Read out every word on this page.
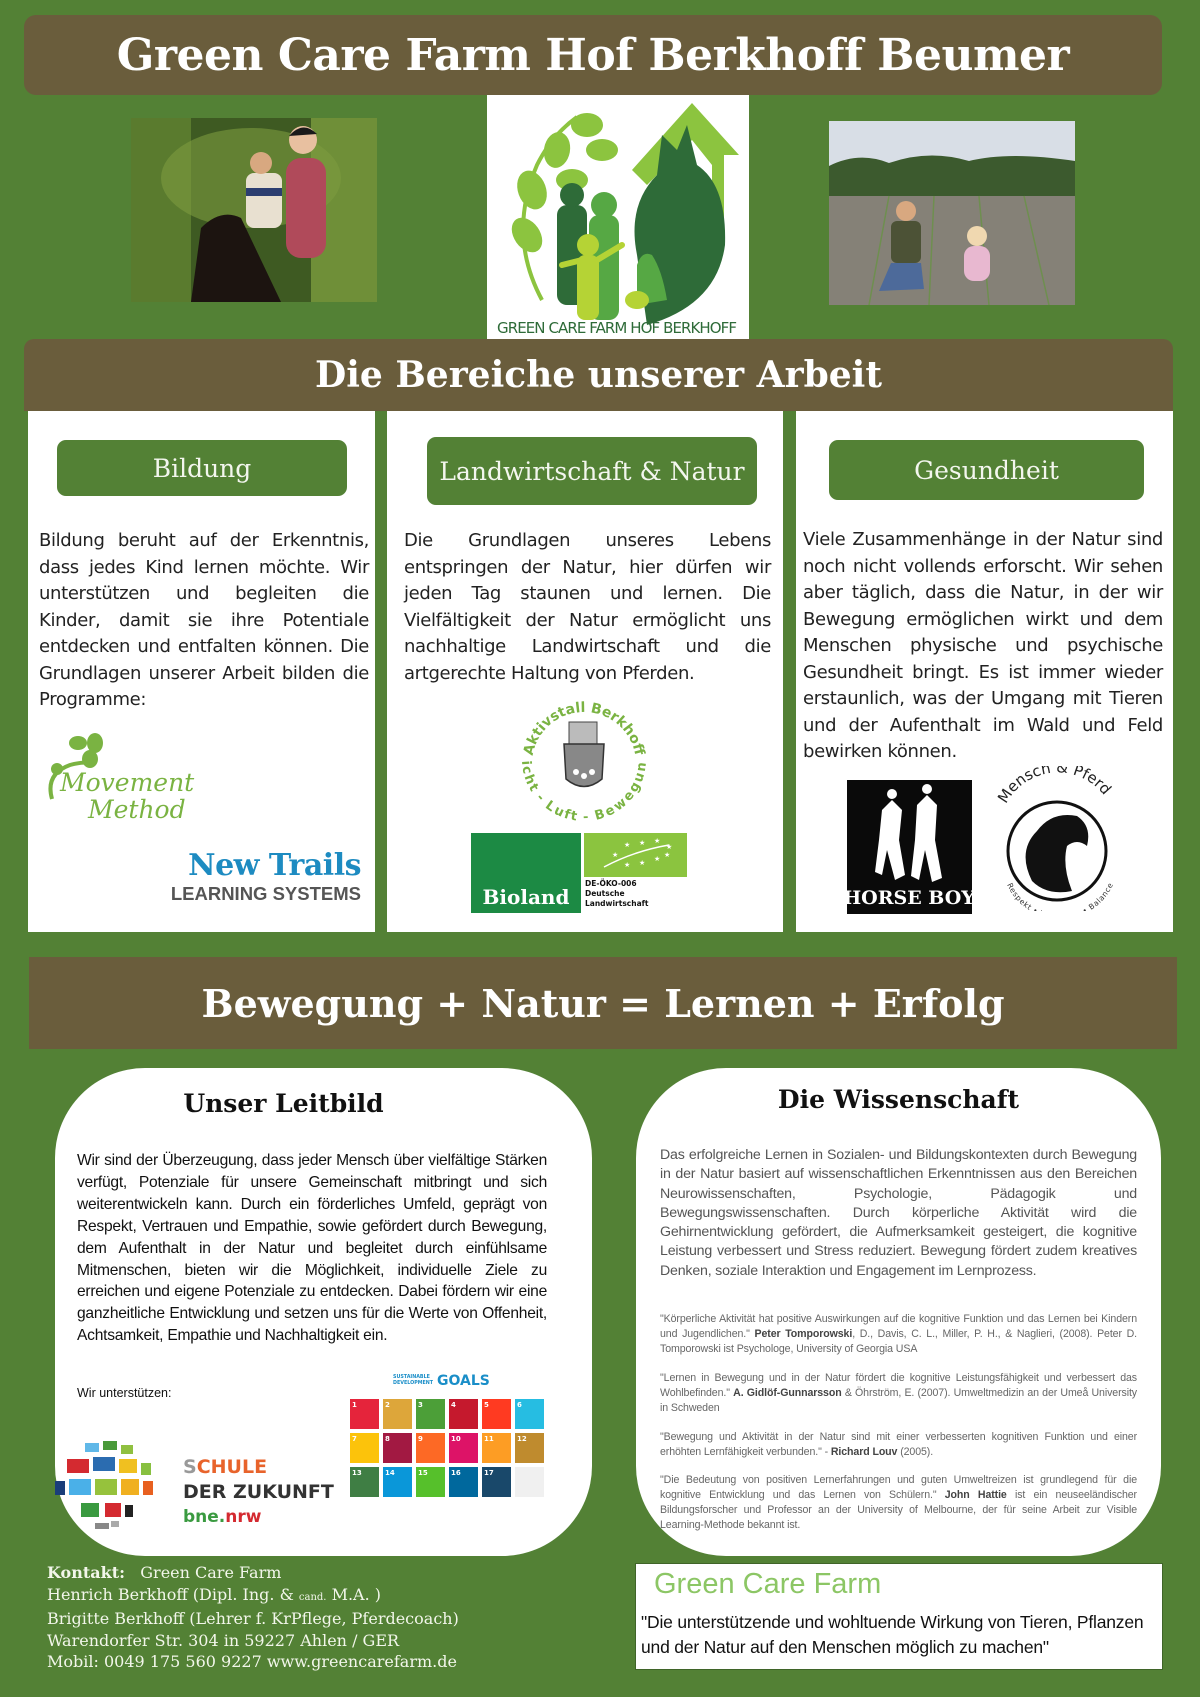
Green Care Farm Hof Berkhoff Beumer
GREEN CARE FARM HOF BERKHOFF
Die Bereiche unserer Arbeit
Bildung
Bildung beruht auf der Erkenntnis, dass jedes Kind lernen möchte. Wir unterstützen und begleiten die Kinder, damit sie ihre Potentiale entdecken und entfalten können. Die Grundlagen unserer Arbeit bilden die Programme:
Movement
Method
New Trails
LEARNING SYSTEMS
Landwirtschaft & Natur
Die Grundlagen unseres Lebens entspringen der Natur, hier dürfen wir jeden Tag staunen und lernen. Die Vielfältigkeit der Natur ermöglicht uns nachhaltige Landwirtschaft und die artgerechte Haltung von Pferden.
Aktivstall Berkhoff
icht - Luft - Bewegun
Bioland
★
★ ★ ★
★
★ ★
★
★
DE-ÖKO-006
Deutsche
Landwirtschaft
Gesundheit
Viele Zusammenhänge in der Natur sind noch nicht vollends erforscht. Wir sehen aber täglich, dass die Natur, in der wir Bewegung ermöglichen wirkt und dem Menschen physische und psychische Gesundheit bringt. Es ist immer wieder erstaunlich, was der Umgang mit Tieren und der Aufenthalt im Wald und Feld bewirken können.
HORSE BOY
Mensch & Pferd
Respekt • • Balance
Bewegung + Natur = Lernen + Erfolg
Unser Leitbild
Wir sind der Überzeugung, dass jeder Mensch über vielfältige Stärken verfügt, Potenziale für unsere Gemeinschaft mitbringt und sich weiterentwickeln kann. Durch ein förderliches Umfeld, geprägt von Respekt, Vertrauen und Empathie, sowie gefördert durch Bewegung, dem Aufenthalt in der Natur und begleitet durch einfühlsame Mitmenschen, bieten wir die Möglichkeit, individuelle Ziele zu erreichen und eigene Potenziale zu entdecken. Dabei fördern wir eine ganzheitliche Entwicklung und setzen uns für die Werte von Offenheit, Achtsamkeit, Empathie und Nachhaltigkeit ein.
Wir unterstützen:
SCHULE
DER ZUKUNFT
bne.nrw
SUSTAINABLE
DEVELOPMENT GOALS
1	2	3	4	5	6
7	8	9	10	11	12
13	14	15	16	17
Die Wissenschaft
Das erfolgreiche Lernen in Sozialen- und Bildungskontexten durch Bewegung in der Natur basiert auf wissenschaftlichen Erkenntnissen aus den Bereichen Neurowissenschaften, Psychologie, Pädagogik und Bewegungswissenschaften. Durch körperliche Aktivität wird die Gehirnentwicklung gefördert, die Aufmerksamkeit gesteigert, die kognitive Leistung verbessert und Stress reduziert. Bewegung fördert zudem kreatives Denken, soziale Interaktion und Engagement im Lernprozess.
"Körperliche Aktivität hat positive Auswirkungen auf die kognitive Funktion und das Lernen bei Kindern und Jugendlichen." Peter Tomporowski, D., Davis, C. L., Miller, P. H., & Naglieri, (2008). Peter D. Tomporowski ist Psychologe, University of Georgia USA
"Lernen in Bewegung und in der Natur fördert die kognitive Leistungsfähigkeit und verbessert das Wohlbefinden." A. Gidlöf-Gunnarsson & Öhrström, E. (2007). Umweltmedizin an der Umeå University in Schweden
"Bewegung und Aktivität in der Natur sind mit einer verbesserten kognitiven Funktion und einer erhöhten Lernfähigkeit verbunden." - Richard Louv (2005).
"Die Bedeutung von positiven Lernerfahrungen und guten Umweltreizen ist grundlegend für die kognitive Entwicklung und das Lernen von Schülern." John Hattie ist ein neuseeländischer Bildungsforscher und Professor an der University of Melbourne, der für seine Arbeit zur Visible Learning-Methode bekannt ist.
Kontakt: Green Care Farm
Henrich Berkhoff (Dipl. Ing. & cand. M.A. )
Brigitte Berkhoff (Lehrer f. KrPflege, Pferdecoach)
Warendorfer Str. 304 in 59227 Ahlen / GER
Mobil: 0049 175 560 9227 www.greencarefarm.de
Green Care Farm
"Die unterstützende und wohltuende Wirkung von Tieren, Pflanzen und der Natur auf den Menschen möglich zu machen"
